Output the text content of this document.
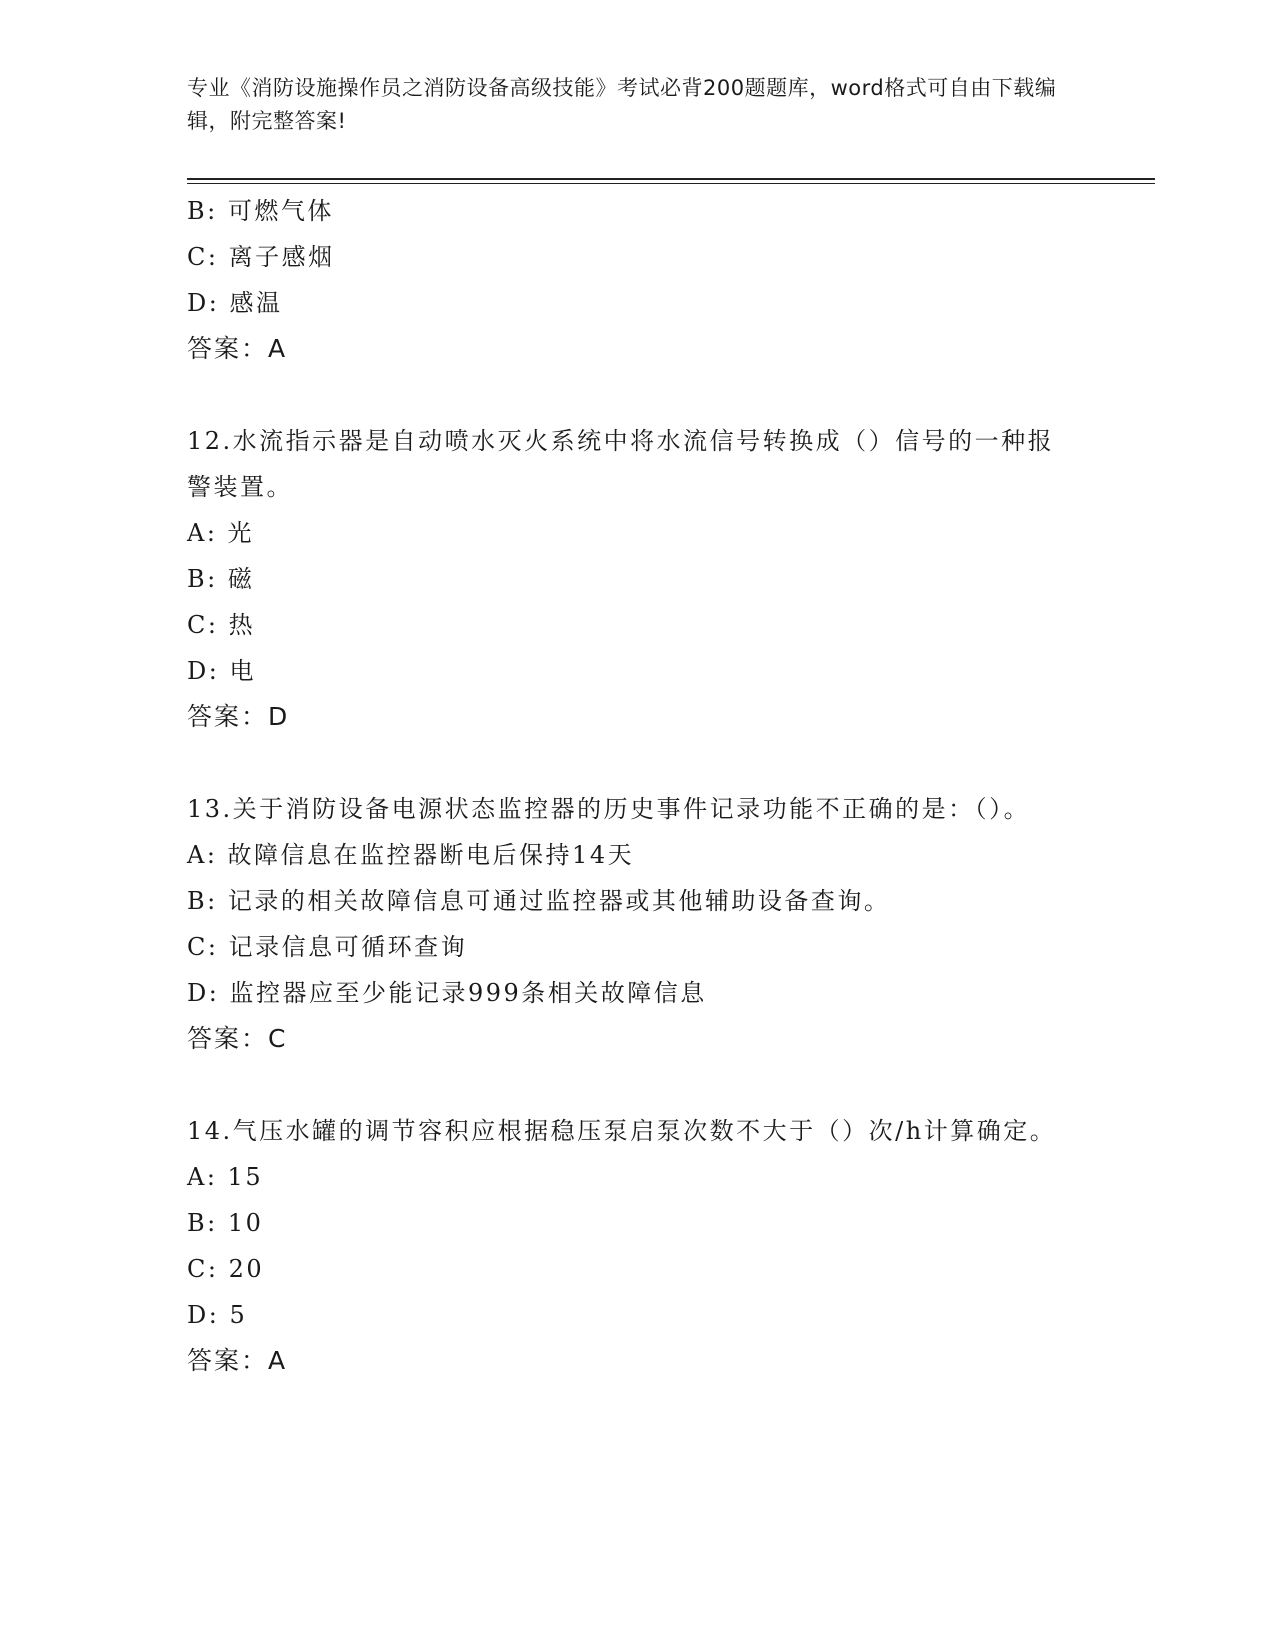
专业《消防设施操作员之消防设备高级技能》考试必背200题题库，word格式可自由下载编辑，附完整答案!
B: 可燃气体
C: 离子感烟
D: 感温
答案：A
12.水流指示器是自动喷水灭火系统中将水流信号转换成（）信号的一种报警装置。
A: 光
B: 磁
C: 热
D: 电
答案：D
13.关于消防设备电源状态监控器的历史事件记录功能不正确的是：（）。
A: 故障信息在监控器断电后保持14天
B: 记录的相关故障信息可通过监控器或其他辅助设备查询。
C: 记录信息可循环查询
D: 监控器应至少能记录999条相关故障信息
答案：C
14.气压水罐的调节容积应根据稳压泵启泵次数不大于（）次/h计算确定。
A: 15
B: 10
C: 20
D: 5
答案：A
